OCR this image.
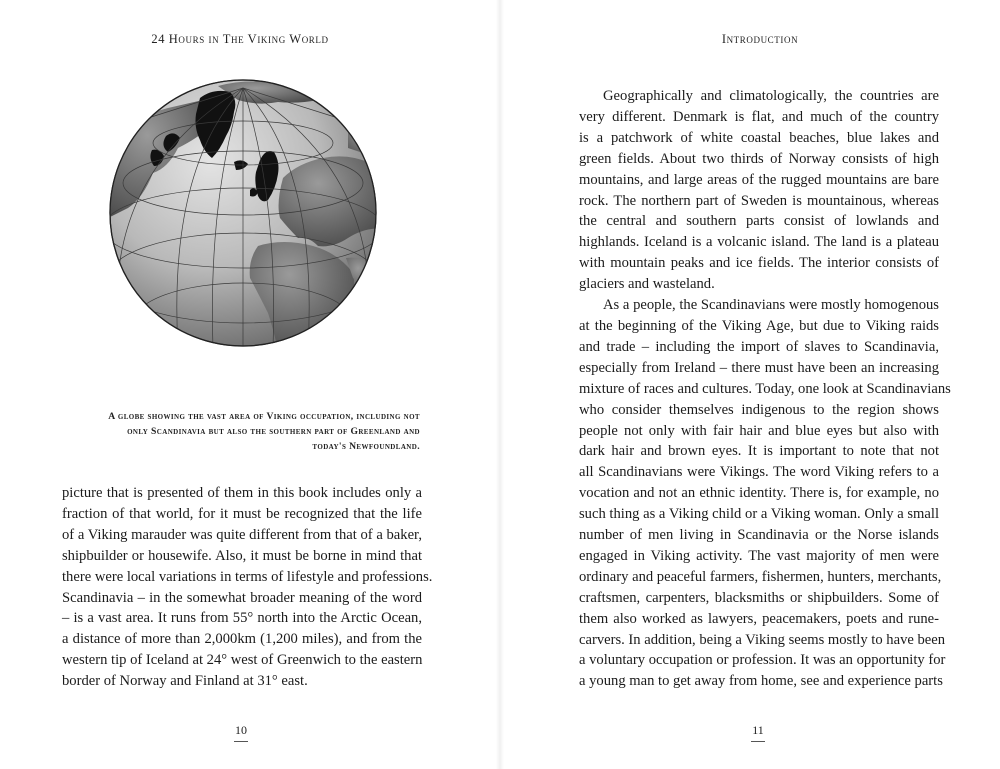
24 Hours in The Viking World
A globe showing the vast area of Viking occupation, including not
only Scandinavia but also the southern part of Greenland and
today's Newfoundland.
picture that is presented of them in this book includes only a
fraction of that world, for it must be recognized that the life
of a Viking marauder was quite different from that of a baker,
shipbuilder or housewife. Also, it must be borne in mind that
there were local variations in terms of lifestyle and professions.
Scandinavia – in the somewhat broader meaning of the word
– is a vast area. It runs from 55° north into the Arctic Ocean,
a distance of more than 2,000km (1,200 miles), and from the
western tip of Iceland at 24° west of Greenwich to the eastern
border of Norway and Finland at 31° east.
10
Introduction
Geographically and climatologically, the countries are
very different. Denmark is flat, and much of the country
is a patchwork of white coastal beaches, blue lakes and
green fields. About two thirds of Norway consists of high
mountains, and large areas of the rugged mountains are bare
rock. The northern part of Sweden is mountainous, whereas
the central and southern parts consist of lowlands and
highlands. Iceland is a volcanic island. The land is a plateau
with mountain peaks and ice fields. The interior consists of
glaciers and wasteland.
As a people, the Scandinavians were mostly homogenous
at the beginning of the Viking Age, but due to Viking raids
and trade – including the import of slaves to Scandinavia,
especially from Ireland – there must have been an increasing
mixture of races and cultures. Today, one look at Scandinavians
who consider themselves indigenous to the region shows
people not only with fair hair and blue eyes but also with
dark hair and brown eyes. It is important to note that not
all Scandinavians were Vikings. The word Viking refers to a
vocation and not an ethnic identity. There is, for example, no
such thing as a Viking child or a Viking woman. Only a small
number of men living in Scandinavia or the Norse islands
engaged in Viking activity. The vast majority of men were
ordinary and peaceful farmers, fishermen, hunters, merchants,
craftsmen, carpenters, blacksmiths or shipbuilders. Some of
them also worked as lawyers, peacemakers, poets and rune-
carvers. In addition, being a Viking seems mostly to have been
a voluntary occupation or profession. It was an opportunity for
a young man to get away from home, see and experience parts
11
